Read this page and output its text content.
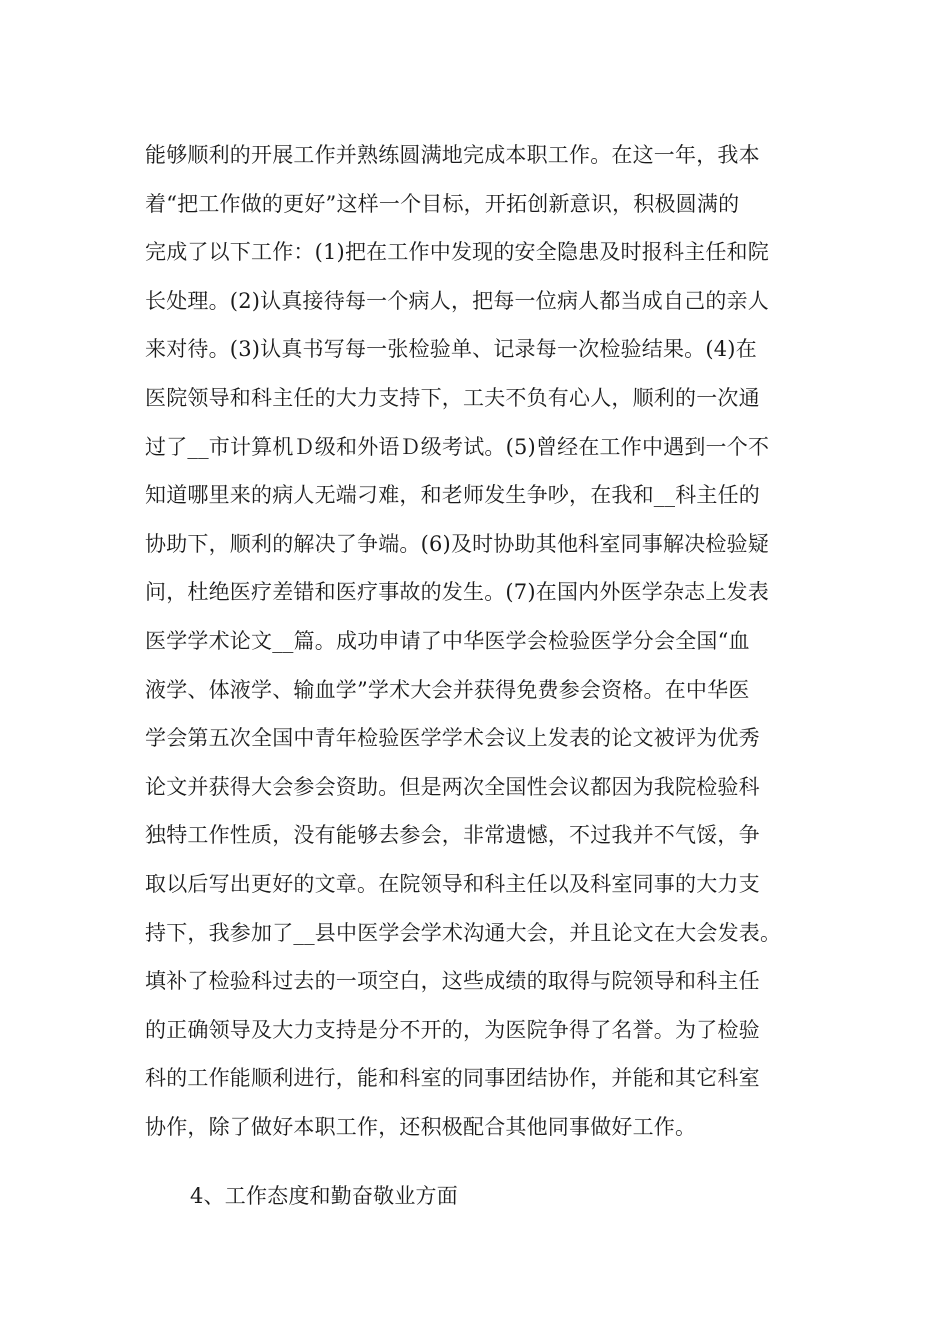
能够顺利的开展工作并熟练圆满地完成本职工作。在这一年，我本
着“把工作做的更好”这样一个目标，开拓创新意识，积极圆满的
完成了以下工作：(1)把在工作中发现的安全隐患及时报科主任和院
长处理。(2)认真接待每一个病人，把每一位病人都当成自己的亲人
来对待。(3)认真书写每一张检验单、记录每一次检验结果。(4)在
医院领导和科主任的大力支持下，工夫不负有心人，顺利的一次通
过了__市计算机Ｄ级和外语Ｄ级考试。(5)曾经在工作中遇到一个不
知道哪里来的病人无端刁难，和老师发生争吵，在我和__科主任的
协助下，顺利的解决了争端。(6)及时协助其他科室同事解决检验疑
问，杜绝医疗差错和医疗事故的发生。(7)在国内外医学杂志上发表
医学学术论文__篇。成功申请了中华医学会检验医学分会全国“血
液学、体液学、输血学”学术大会并获得免费参会资格。在中华医
学会第五次全国中青年检验医学学术会议上发表的论文被评为优秀
论文并获得大会参会资助。但是两次全国性会议都因为我院检验科
独特工作性质，没有能够去参会，非常遗憾，不过我并不气馁，争
取以后写出更好的文章。在院领导和科主任以及科室同事的大力支
持下，我参加了__县中医学会学术沟通大会，并且论文在大会发表。
填补了检验科过去的一项空白，这些成绩的取得与院领导和科主任
的正确领导及大力支持是分不开的，为医院争得了名誉。为了检验
科的工作能顺利进行，能和科室的同事团结协作，并能和其它科室
协作，除了做好本职工作，还积极配合其他同事做好工作。
4、工作态度和勤奋敬业方面
